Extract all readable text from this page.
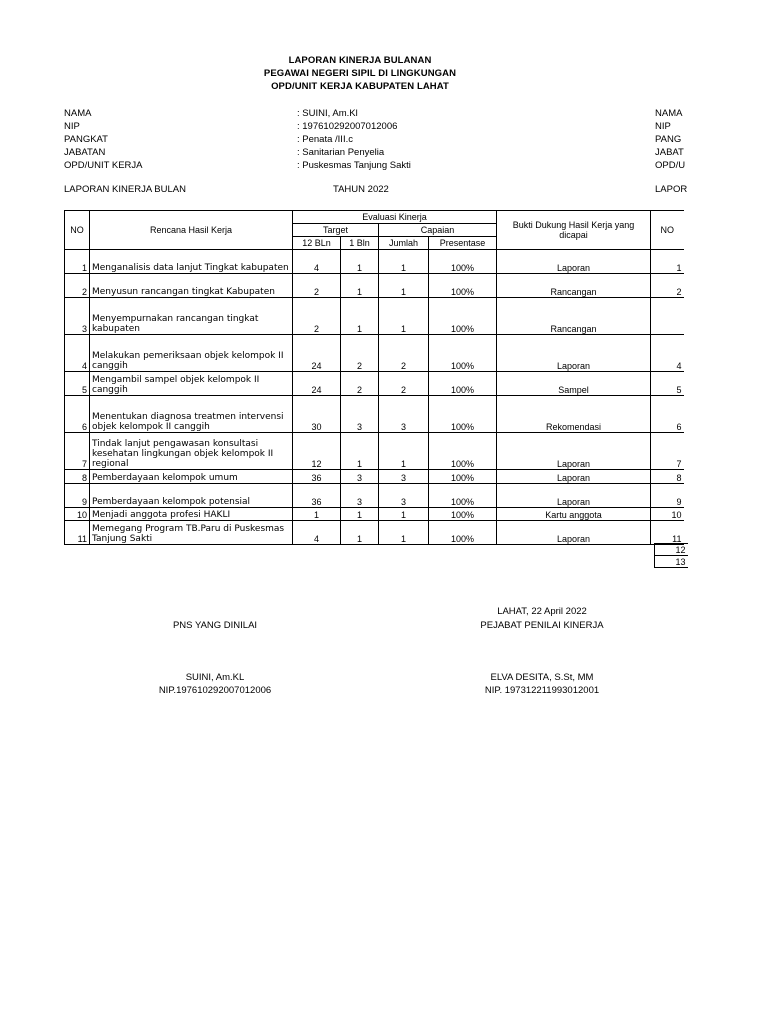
LAPORAN KINERJA BULANAN
PEGAWAI NEGERI SIPIL DI LINGKUNGAN
OPD/UNIT KERJA KABUPATEN LAHAT
NAMA	: SUINI, Am.Kl
NIP	: 197610292007012006
PANGKAT	: Penata /III.c
JABATAN	: Sanitarian Penyelia
OPD/UNIT KERJA	: Puskesmas Tanjung Sakti
LAPORAN KINERJA BULAN	TAHUN 2022
NAMA
NIP
PANG
JABAT
OPD/U
LAPOR
NO	Rencana Hasil Kerja	Evaluasi Kinerja				Bukti Dukung Hasil Kerja yang dicapai	NO
		Target		Capaian			
		12 BLn	1 Bln	Jumlah	Presentase		
1	Menganalisis data lanjut Tingkat kabupaten	4	1	1	100%	Laporan	1
2	Menyusun rancangan tingkat Kabupaten	2	1	1	100%	Rancangan	2
3	Menyempurnakan rancangan tingkat kabupaten	2	1	1	100%	Rancangan	
4	Melakukan pemeriksaan objek kelompok II canggih	24	2	2	100%	Laporan	4
5	Mengambil sampel objek kelompok II canggih	24	2	2	100%	Sampel	5
6	Menentukan diagnosa treatmen intervensi objek kelompok II canggih	30	3	3	100%	Rekomendasi	6
7	Tindak lanjut pengawasan konsultasi kesehatan lingkungan objek kelompok II regional	12	1	1	100%	Laporan	7
8	Pemberdayaan kelompok umum	36	3	3	100%	Laporan	8
9	Pemberdayaan kelompok potensial	36	3	3	100%	Laporan	9
10	Menjadi anggota profesi HAKLI	1	1	1	100%	Kartu anggota	10
11	Memegang Program TB.Paru di Puskesmas Tanjung Sakti	4	1	1	100%	Laporan	11
12
13
LAHAT, 22 April 2022
PNS YANG DINILAI	PEJABAT PENILAI KINERJA
SUINI, Am.KL
NIP.197610292007012006
ELVA DESITA, S.St, MM
NIP. 197312211993012001
